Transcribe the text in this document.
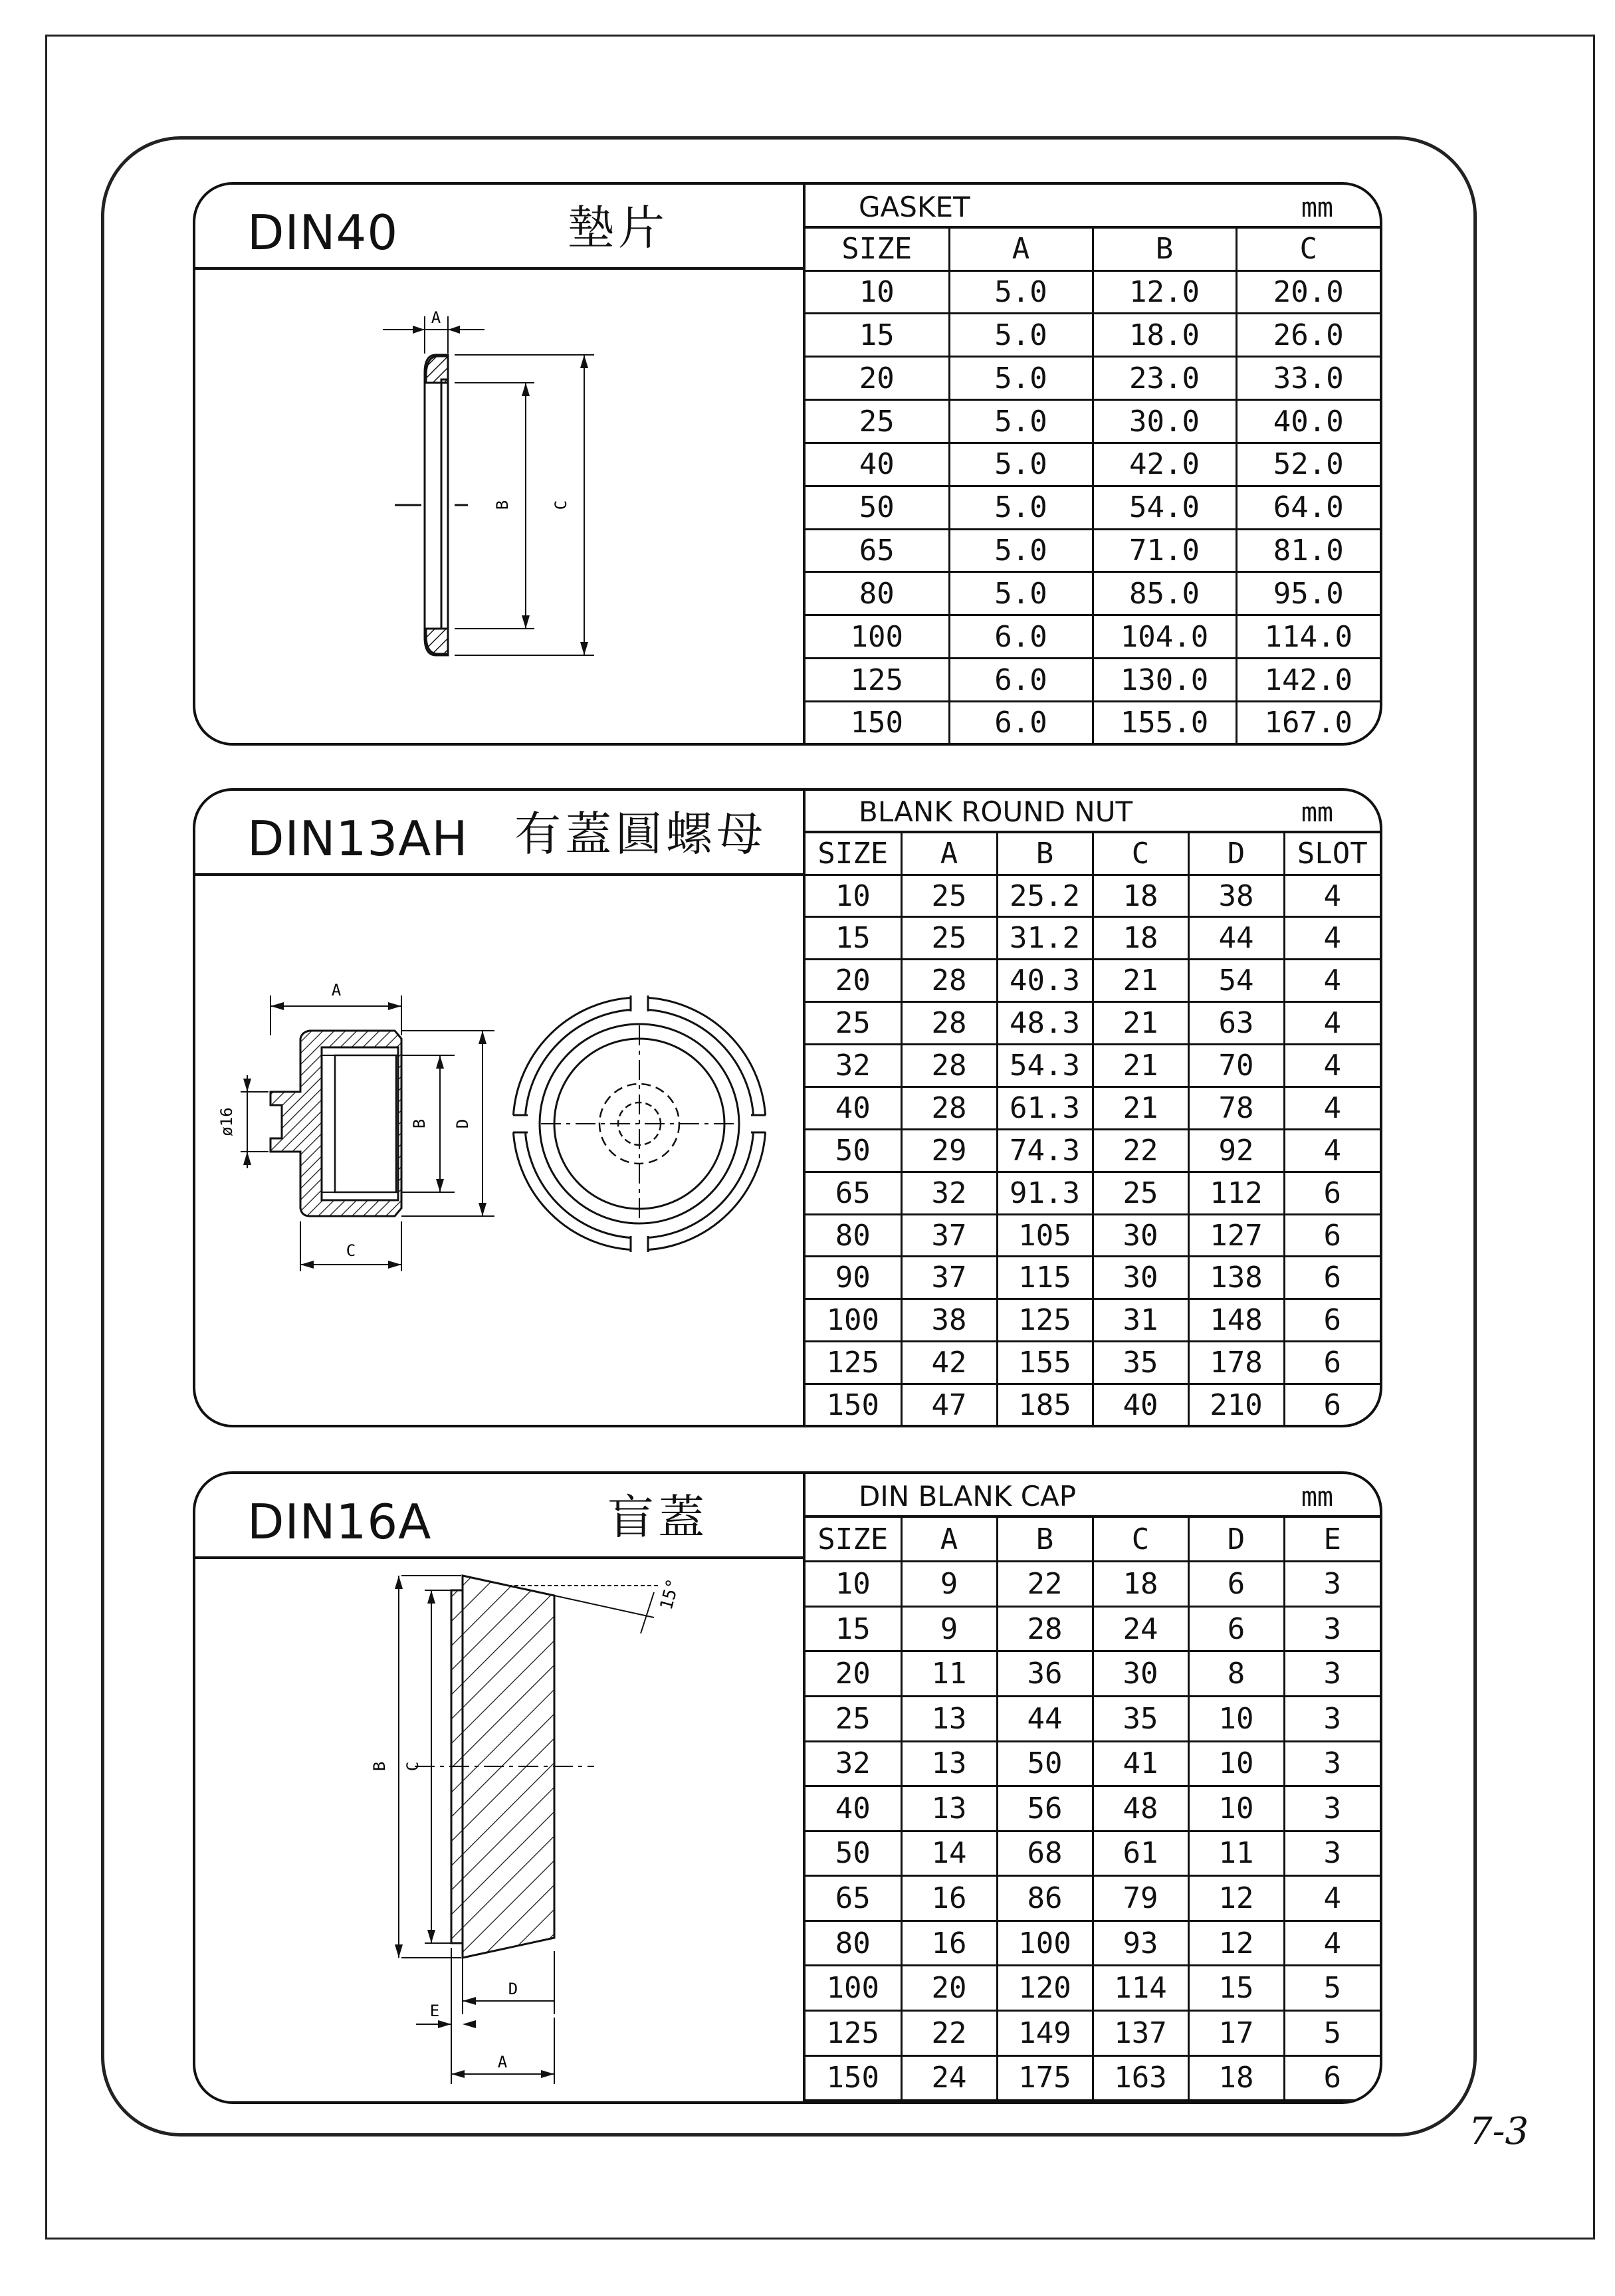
DIN40	墊片
A
B	C
GASKET	mm
SIZE	A	B	C
10	5.0	12.0	20.0
15	5.0	18.0	26.0
20	5.0	23.0	33.0
25	5.0	30.0	40.0
40	5.0	42.0	52.0
50	5.0	54.0	64.0
65	5.0	71.0	81.0
80	5.0	85.0	95.0
100	6.0	104.0	114.0
125	6.0	130.0	142.0
150	6.0	155.0	167.0
DIN13AH 有蓋圓螺母
A
C
B D
ø16
BLANK ROUND NUT	mm
SIZE	A	B	C	D	SLOT
10	25	25.2	18	38	4
15	25	31.2	18	44	4
20	28	40.3	21	54	4
25	28	48.3	21	63	4
32	28	54.3	21	70	4
40	28	61.3	21	78	4
50	29	74.3	22	92	4
65	32	91.3	25	112	6
80	37	105	30	127	6
90	37	115	30	138	6
100	38	125	31	148	6
125	42	155	35	178	6
150	47	185	40	210	6
DIN16A	盲蓋
15°
B C
D
E
A
DIN BLANK CAP	mm
SIZE	A	B	C	D	E
10	9	22	18	6	3
15	9	28	24	6	3
20	11	36	30	8	3
25	13	44	35	10	3
32	13	50	41	10	3
40	13	56	48	10	3
50	14	68	61	11	3
65	16	86	79	12	4
80	16	100	93	12	4
100	20	120	114	15	5
125	22	149	137	17	5
150	24	175	163	18	6

7-3
